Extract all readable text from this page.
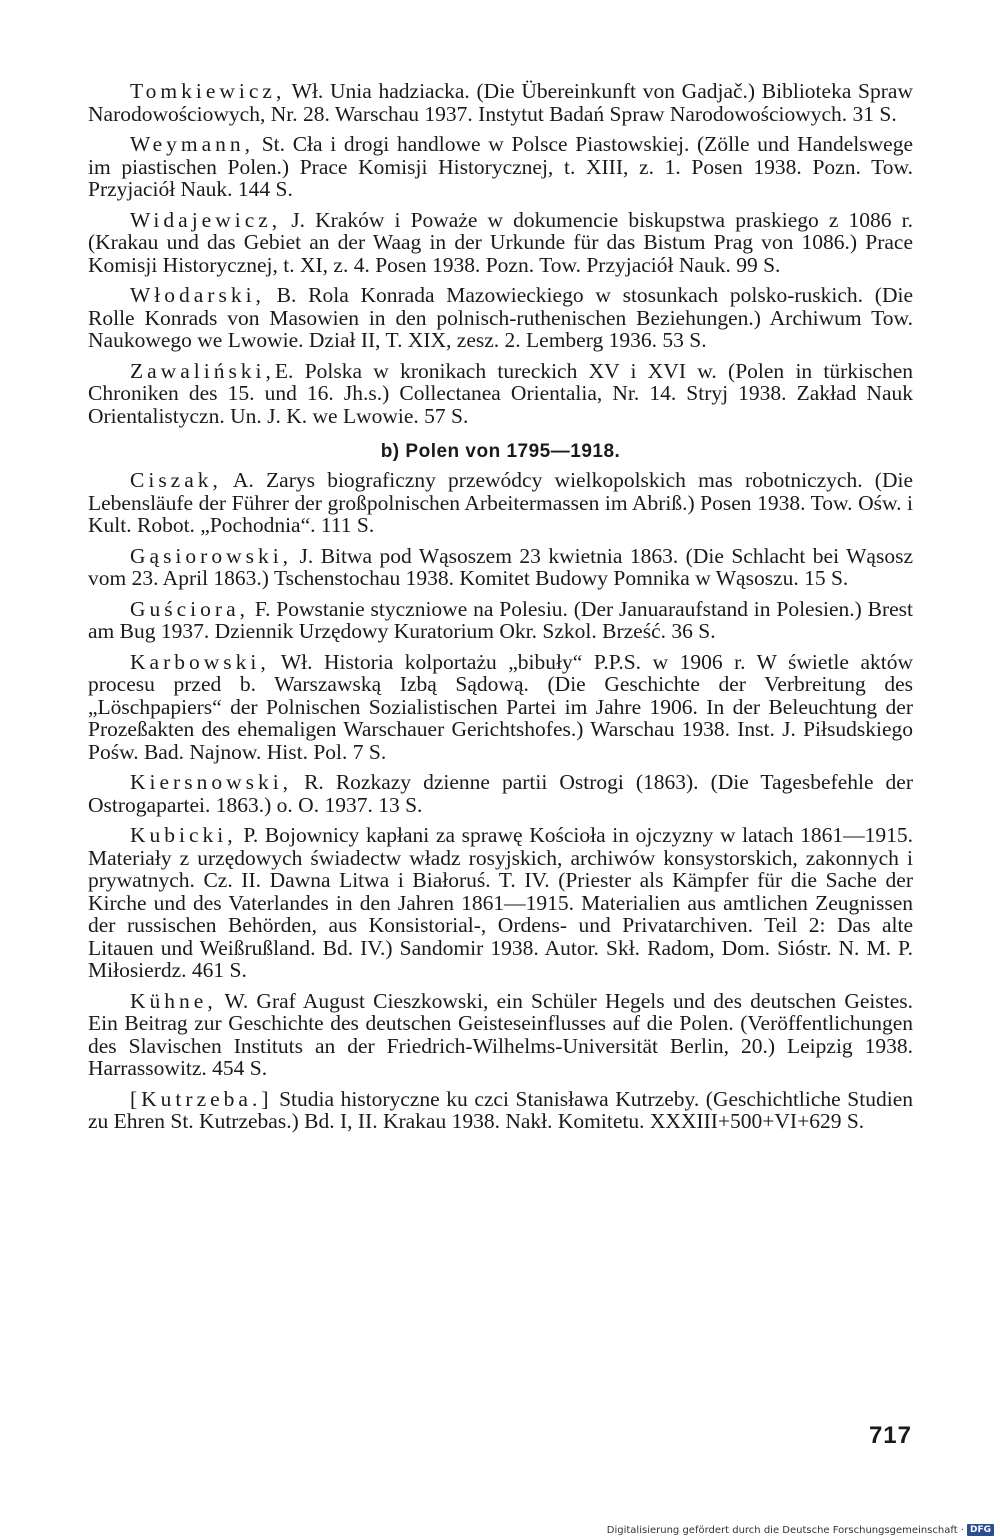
Tomkiewicz, Wł. Unia hadziacka. (Die Übereinkunft von Gadjač.) Biblioteka Spraw Narodowościowych, Nr. 28. Warschau 1937. Instytut Badań Spraw Narodowościowych. 31 S.

Weymann, St. Cła i drogi handlowe w Polsce Piastowskiej. (Zölle und Handelswege im piastischen Polen.) Prace Komisji Historycznej, t. XIII, z. 1. Posen 1938. Pozn. Tow. Przyjaciół Nauk. 144 S.

Widajewicz, J. Kraków i Poważe w dokumencie biskupstwa praskiego z 1086 r. (Krakau und das Gebiet an der Waag in der Urkunde für das Bistum Prag von 1086.) Prace Komisji Historycznej, t. XI, z. 4. Posen 1938. Pozn. Tow. Przyjaciół Nauk. 99 S.

Włodarski, B. Rola Konrada Mazowieckiego w stosunkach polsko-ruskich. (Die Rolle Konrads von Masowien in den polnisch-ruthenischen Beziehungen.) Archiwum Tow. Naukowego we Lwowie. Dział II, T. XIX, zesz. 2. Lemberg 1936. 53 S.

Zawaliński,E. Polska w kronikach tureckich XV i XVI w. (Polen in türkischen Chroniken des 15. und 16. Jh.s.) Collectanea Orientalia, Nr. 14. Stryj 1938. Zakład Nauk Orientalistyczn. Un. J. K. we Lwowie. 57 S.

b) Polen von 1795—1918.

Ciszak, A. Zarys biograficzny przewódcy wielkopolskich mas robotniczych. (Die Lebensläufe der Führer der großpolnischen Arbeitermassen im Abriß.) Posen 1938. Tow. Ośw. i Kult. Robot. „Pochodnia“. 111 S.

Gąsiorowski, J. Bitwa pod Wąsoszem 23 kwietnia 1863. (Die Schlacht bei Wąsosz vom 23. April 1863.) Tschenstochau 1938. Komitet Budowy Pomnika w Wąsoszu. 15 S.

Guściora, F. Powstanie styczniowe na Polesiu. (Der Januaraufstand in Polesien.) Brest am Bug 1937. Dziennik Urzędowy Kuratorium Okr. Szkol. Brześć. 36 S.

Karbowski, Wł. Historia kolportażu „bibuły“ P.P.S. w 1906 r. W świetle aktów procesu przed b. Warszawską Izbą Sądową. (Die Geschichte der Verbreitung des „Löschpapiers“ der Polnischen Sozialistischen Partei im Jahre 1906. In der Beleuchtung der Prozeßakten des ehemaligen Warschauer Gerichtshofes.) Warschau 1938. Inst. J. Piłsudskiego Pośw. Bad. Najnow. Hist. Pol. 7 S.

Kiersnowski, R. Rozkazy dzienne partii Ostrogi (1863). (Die Tagesbefehle der Ostrogapartei. 1863.) o. O. 1937. 13 S.

Kubicki, P. Bojownicy kapłani za sprawę Kościoła in ojczyzny w latach 1861—1915. Materiały z urzędowych świadectw władz rosyjskich, archiwów konsystorskich, zakonnych i prywatnych. Cz. II. Dawna Litwa i Białoruś. T. IV. (Priester als Kämpfer für die Sache der Kirche und des Vaterlandes in den Jahren 1861—1915. Materialien aus amtlichen Zeugnissen der russischen Behörden, aus Konsistorial-, Ordens- und Privatarchiven. Teil 2: Das alte Litauen und Weißrußland. Bd. IV.) Sandomir 1938. Autor. Skł. Radom, Dom. Sióstr. N. M. P. Miłosierdz. 461 S.

Kühne, W. Graf August Cieszkowski, ein Schüler Hegels und des deutschen Geistes. Ein Beitrag zur Geschichte des deutschen Geisteseinflusses auf die Polen. (Veröffentlichungen des Slavischen Instituts an der Friedrich-Wilhelms-Universität Berlin, 20.) Leipzig 1938. Harrassowitz. 454 S.

[Kutrzeba.] Studia historyczne ku czci Stanisława Kutrzeby. (Geschichtliche Studien zu Ehren St. Kutrzebas.) Bd. I, II. Krakau 1938. Nakł. Komitetu. XXXIII+500+VI+629 S.

717
Digitalisierung gefördert durch die Deutsche Forschungsgemeinschaft · DFG
